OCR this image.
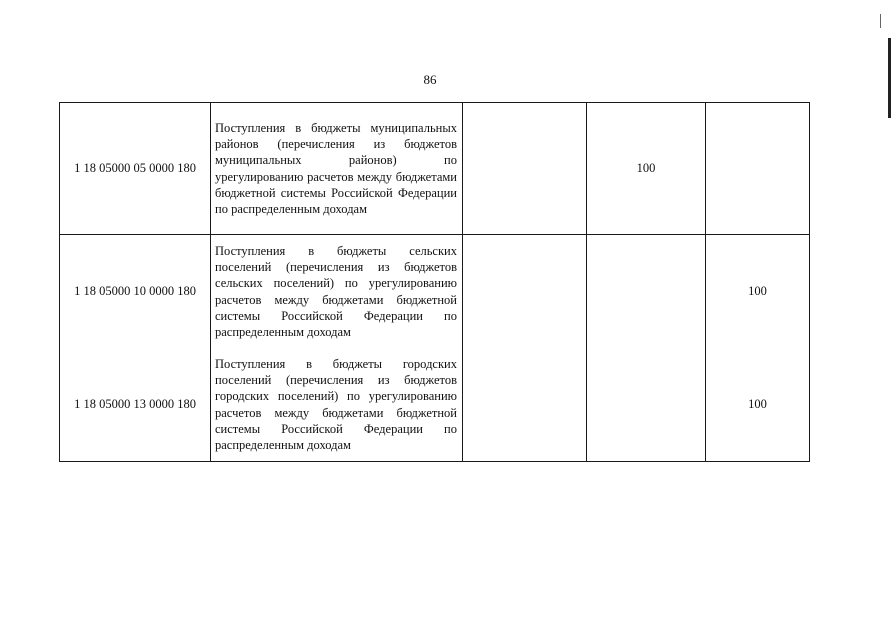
86
1 18 05000 05 0000 180	Поступления в бюджеты муниципальных районов (перечисления из бюджетов муниципальных районов) по урегулированию расчетов между бюджетами бюджетной системы Российской Федерации по распределенным доходам		100	
1 18 05000 10 0000 180	Поступления в бюджеты сельских поселений (перечисления из бюджетов сельских поселений) по урегулированию расчетов между бюджетами бюджетной системы Российской Федерации по распределенным доходам			100
1 18 05000 13 0000 180	Поступления в бюджеты городских поселений (перечисления из бюджетов городских поселений) по урегулированию расчетов между бюджетами бюджетной системы Российской Федерации по распределенным доходам			100
